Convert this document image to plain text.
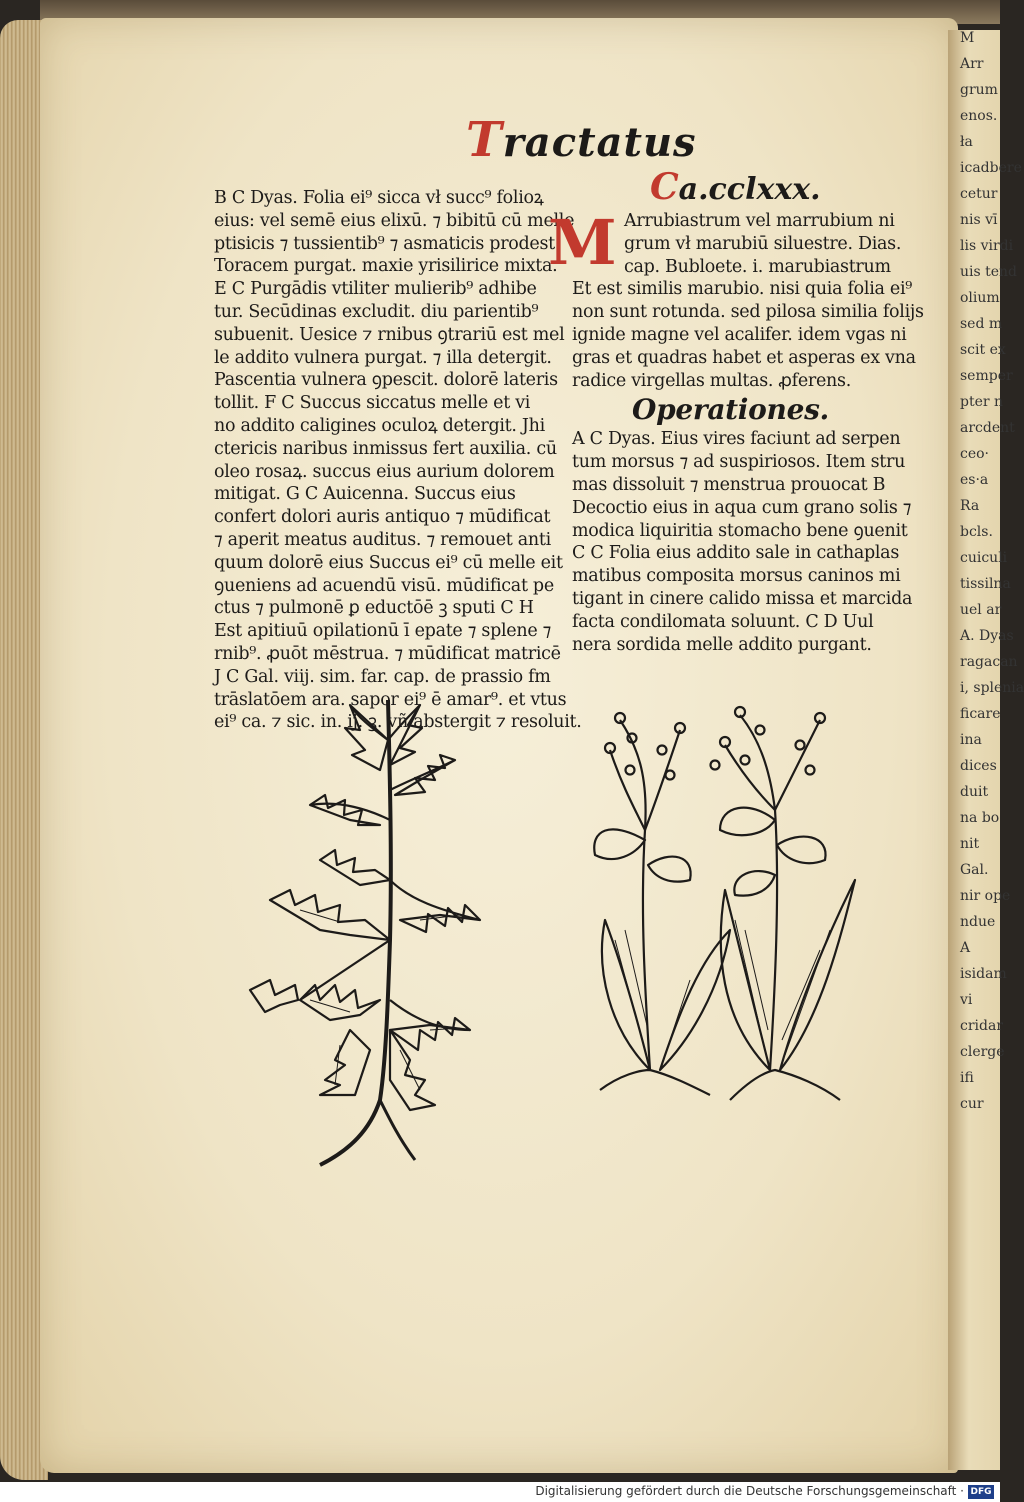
M
Arr
grum
enos.
ła
icadbere
cetur
nis vī
lis virdi
uis tend
olium
sed m
scit ex
semper
pter n
arcdent
ceo·
es·a
Ra
bcls.
cuiculi
tissilna
uel ar
A. Dyas
ragacan
i, splenia
ficare
ina
dices
duit
na bo
nit
Gal.
nir ope
ndue
A
isidam
vi
cridar
clerge
ifi
cur
Tractatus
B C Dyas. Folia ei⁹ sicca vł succ⁹ folioꝝ
eius: vel semē eius elixū. ⁊ bibitū cū melle
ptisicis ⁊ tussientib⁹ ⁊ asmaticis prodest:
Toracem purgat. maxie yrisilirice mixta.
E C Purgādis vtiliter mulierib⁹ adhibe
tur. Secūdinas excludit. diu parientib⁹
subuenit. Uesice ⁊ rnibus ꝯtrariū est mel
le addito vulnera purgat. ⁊ illa detergit.
Pascentia vulnera ꝯpescit. dolorē lateris
tollit. F C Succus siccatus melle et vi
no addito caligines oculoꝝ detergit. Jhi
ctericis naribus inmissus fert auxilia. cū
oleo rosaꝝ. succus eius aurium dolorem
mitigat. G C Auicenna. Succus eius
confert dolori auris antiquo ⁊ mūdificat
⁊ aperit meatus auditus. ⁊ remouet anti
quum dolorē eius Succus ei⁹ cū melle eit
ꝯueniens ad acuendū visū. mūdificat pe
ctus ⁊ pulmonē ꝑ eductōē ꝫ sputi C H
Est apitiuū opilationū ī epate ⁊ splene ⁊
rnib⁹. ꝓuōt mēstrua. ⁊ mūdificat matricē
J C Gal. viij. sim. far. cap. de prassio fm
trāslatōem ara. sapor ei⁹ ē amar⁹. et vtus
ei⁹ ca. ⁊ sic. in. ij. ꝫ. vñ abstergit ⁊ resoluit.
Ca.cclxxx.
M Arrubiastrum vel marrubium ni
grum vł marubiū siluestre. Dias.
cap. Bubloete. i. marubiastrum
Et est similis marubio. nisi quia folia ei⁹
non sunt rotunda. sed pilosa similia folijs
ignide magne vel acalifer. idem vgas ni
gras et quadras habet et asperas ex vna
radice virgellas multas. ꝓferens.
Operationes.
A C Dyas. Eius vires faciunt ad serpen
tum morsus ⁊ ad suspiriosos. Item stru
mas dissoluit ⁊ menstrua prouocat B
Decoctio eius in aqua cum grano solis ⁊
modica liquiritia stomacho bene ꝯuenit
C C Folia eius addito sale in cathaplas
matibus composita morsus caninos mi
tigant in cinere calido missa et marcida
facta condilomata soluunt. C D Uul
nera sordida melle addito purgant.
Digitalisierung gefördert durch die Deutsche Forschungsgemeinschaft · DFG
